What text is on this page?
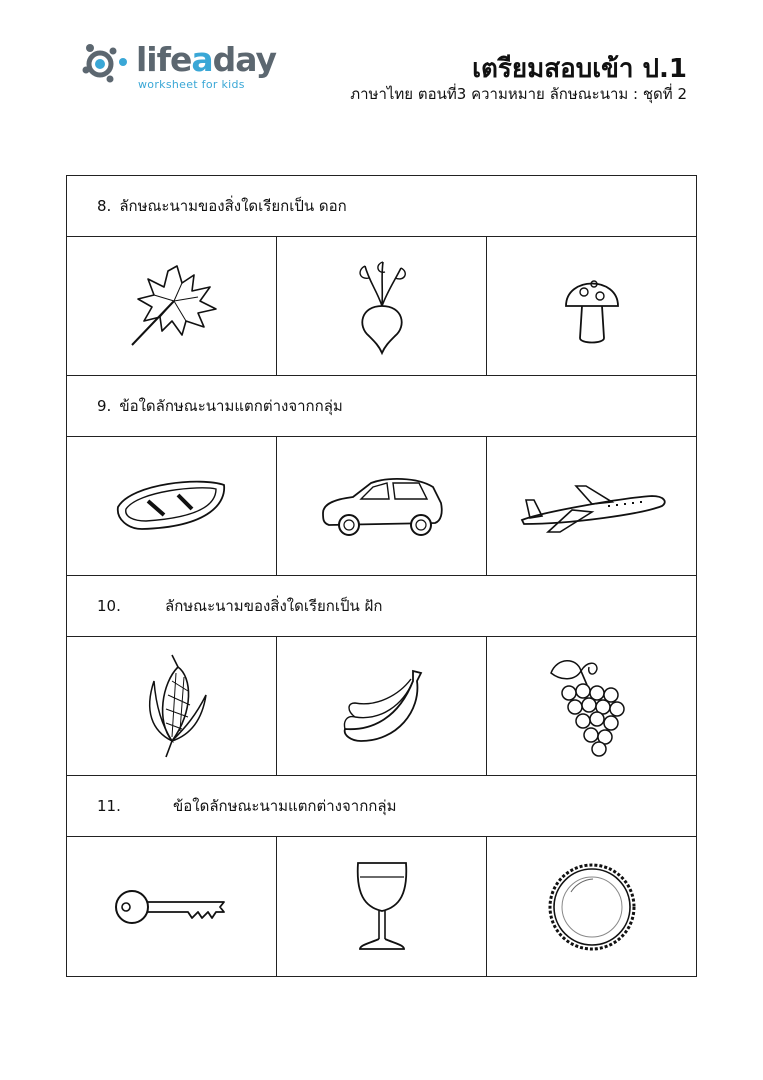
lifeaday
worksheet for kids
เตรียมสอบเข้า ป.1
ภาษาไทย ตอนที่3 ความหมาย ลักษณะนาม : ชุดที่ 2
8. ลักษณะนามของสิ่งใดเรียกเป็น ดอก
9. ข้อใดลักษณะนามแตกต่างจากกลุ่ม
10.	ลักษณะนามของสิ่งใดเรียกเป็น ฝัก
11.	ข้อใดลักษณะนามแตกต่างจากกลุ่ม
